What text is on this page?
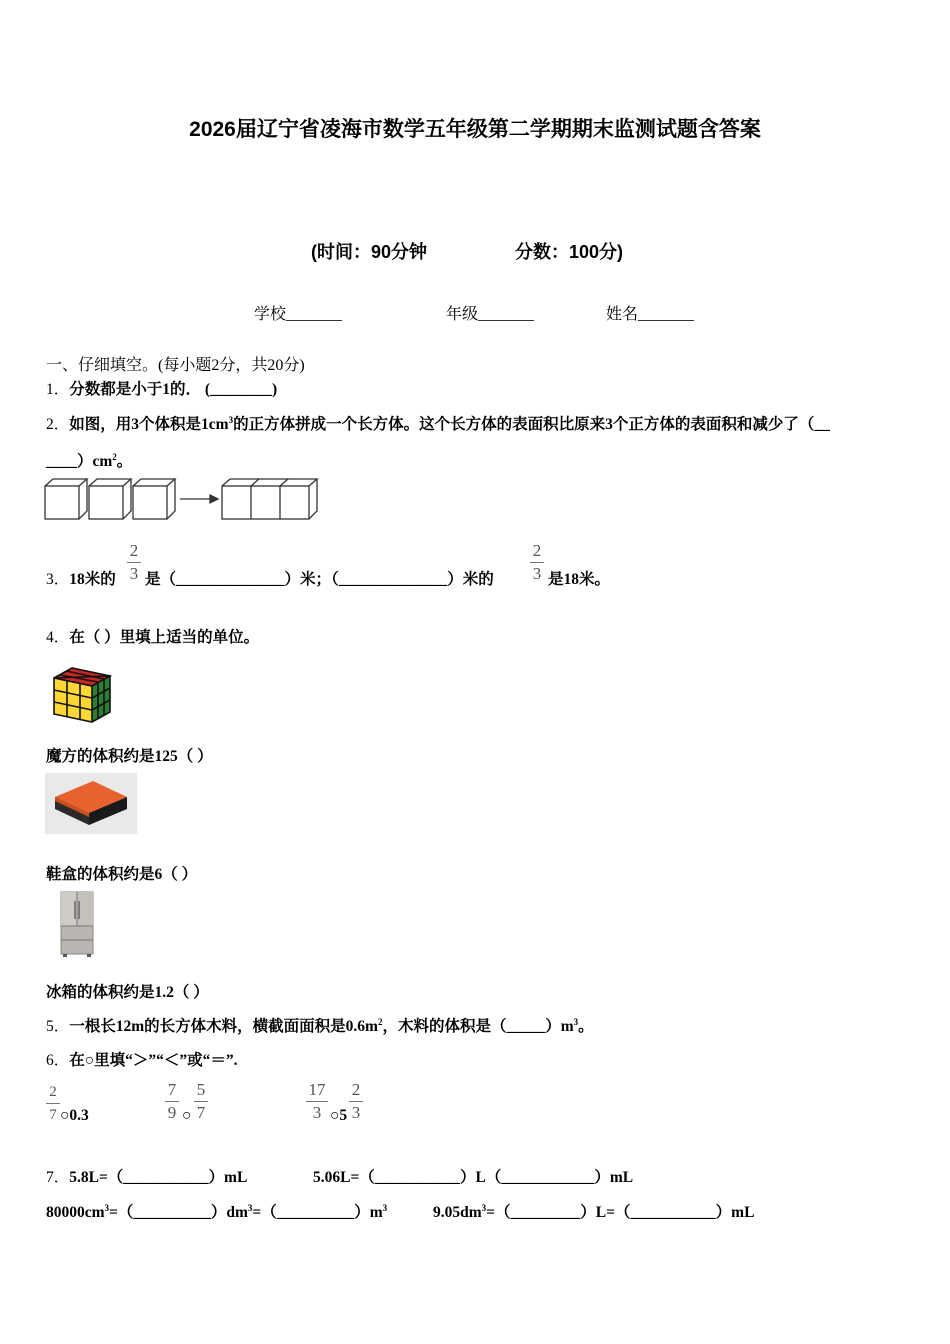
2026届辽宁省凌海市数学五年级第二学期期末监测试题含答案
(时间：90分钟	分数：100分)
学校_______	年级_______	姓名_______
一、仔细填空。(每小题2分，共20分)
1．分数都是小于1的． (________)
2．如图，用3个体积是$1cm^3$的正方体拼成一个长方体。这个长方体的表面积比原来3个正方体的表面积和减少了（__
$\_\_\_\_)cm^2$。
2
3
2
3
3．18米的 是（______________）米；（______________）米的	是18米。
4．在（ ）里填上适当的单位。
魔方的体积约是125（ ）
鞋盒的体积约是6（ ）
冰箱的体积约是1.2（ ）
5．一根长12m的长方体木料，横截面面积是$0.6m^2$，木料的体积是$(\_\_\_\_\_)m^3$。
6．在○里填“＞”“＜”或“＝”.
2
7 ○0.3
7
9 ○
5
7
17
3 ○5
2
3
7．5.8L=（___________）mL	5.06L=（___________）L（____________）mL
$80000cm^3=(\_\_\_\_\_\_\_\_\_\_)dm^3=(\_\_\_\_\_\_\_\_\_\_)m^3$	$9.05dm^3=(\_\_\_\_\_\_\_\_\_)L=(\_\_\_\_\_\_\_\_\_\_\_)mL$
